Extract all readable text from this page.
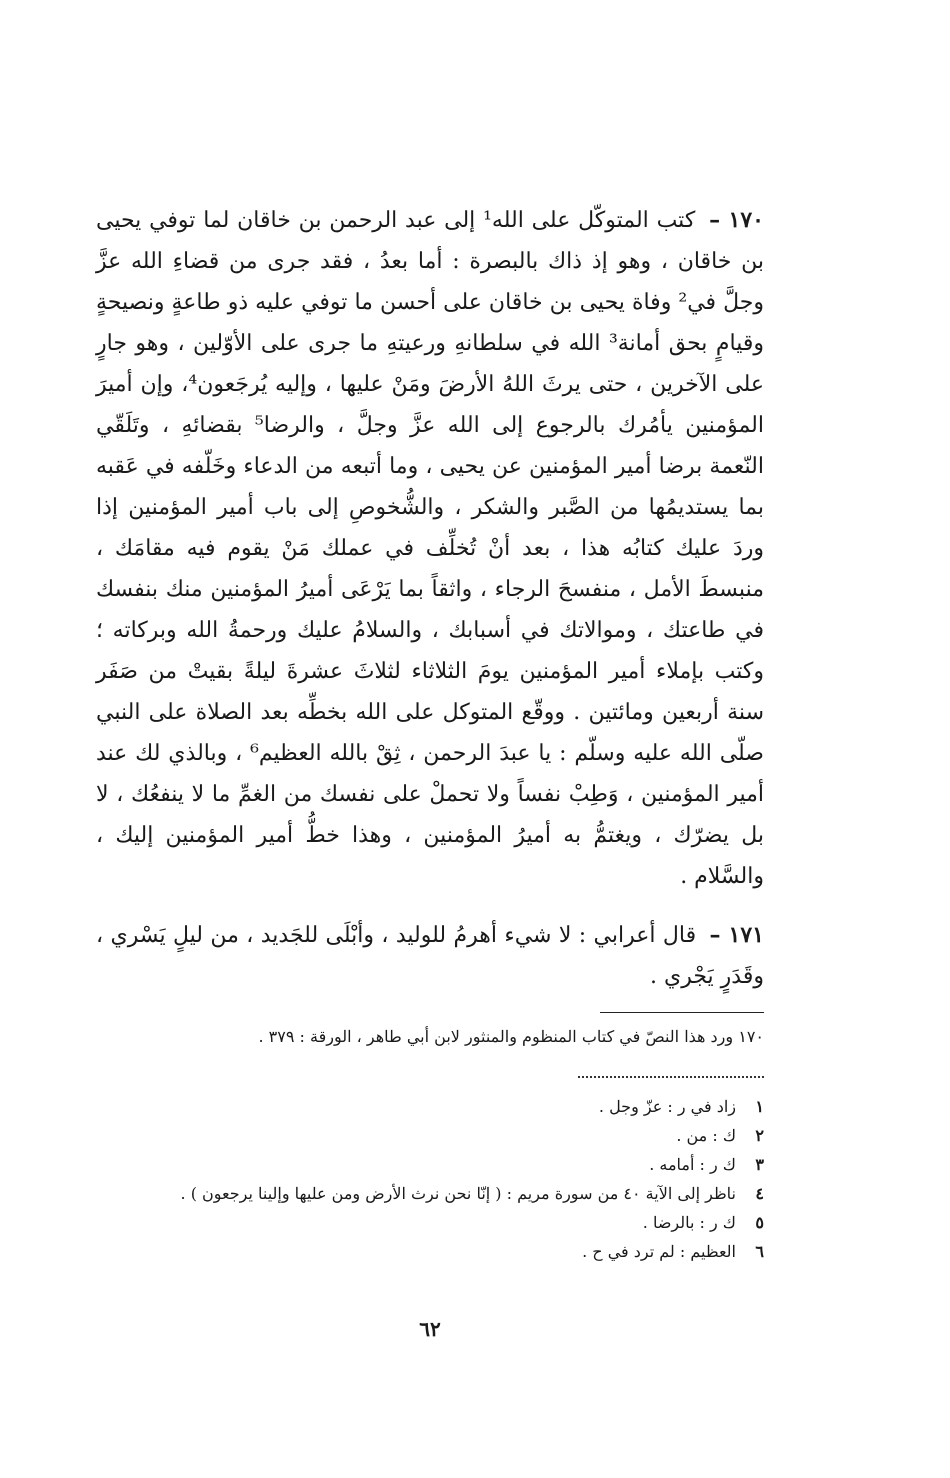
١٧٠ – كتب المتوكّل على الله¹ إلى عبد الرحمن بن خاقان لما توفي يحيى بن خاقان ، وهو إذ ذاك بالبصرة : أما بعدُ ، فقد جرى من قضاءِ الله عزَّ وجلَّ في² وفاة يحيى بن خاقان على أحسن ما توفي عليه ذو طاعةٍ ونصيحةٍ وقيامٍ بحق أمانة³ الله في سلطانهِ ورعيتهِ ما جرى على الأوّلين ، وهو جارٍ على الآخرين ، حتى يرثَ اللهُ الأرضَ ومَنْ عليها ، وإليه يُرجَعون⁴، وإن أميرَ المؤمنين يأمُرك بالرجوع إلى الله عزَّ وجلَّ ، والرضا⁵ بقضائهِ ، وتَلَقّي النّعمة برضا أمير المؤمنين عن يحيى ، وما أتبعه من الدعاء وخَلّفه في عَقبه بما يستديمُها من الصَّبر والشكر ، والشُّخوصِ إلى باب أمير المؤمنين إذا وردَ عليك كتابُه هذا ، بعد أنْ تُخلِّف في عملك مَنْ يقوم فيه مقامَك ، منبسطَ الأمل ، منفسحَ الرجاء ، واثقاً بما يَرْعَى أميرُ المؤمنين منك بنفسك في طاعتك ، وموالاتك في أسبابك ، والسلامُ عليك ورحمةُ الله وبركاته ؛ وكتب بإملاء أمير المؤمنين يومَ الثلاثاء لثلاثَ عشرةَ ليلةً بقيتْ من صَفَر سنة أربعين ومائتين . ووقّع المتوكل على الله بخطِّه بعد الصلاة على النبي صلّى الله عليه وسلّم : يا عبدَ الرحمن ، ثِقْ بالله العظيم⁶ ، وبالذي لك عند أمير المؤمنين ، وَطِبْ نفساً ولا تحملْ على نفسك من الغمِّ ما لا ينفعُك ، لا بل يضرّك ، ويغتمُّ به أميرُ المؤمنين ، وهذا خطُّ أمير المؤمنين إليك ، والسَّلام .

١٧١ – قال أعرابي : لا شيء أهرمُ للوليد ، وأبْلَى للجَديد ، من ليلٍ يَسْري ، وقَدَرٍ يَجْري .

١٧٠ ورد هذا النصّ في كتاب المنظوم والمنثور لابن أبي طاهر ، الورقة : ٣٧٩ .
١زاد في ر : عزّ وجل .
٢ك : من .
٣ك ر : أمامه .
٤ناظر إلى الآية ٤٠ من سورة مريم : ( إنّا نحن نرث الأرض ومن عليها وإلينا يرجعون ) .
٥ك ر : بالرضا .
٦العظيم : لم ترد في ح .
٦٢
